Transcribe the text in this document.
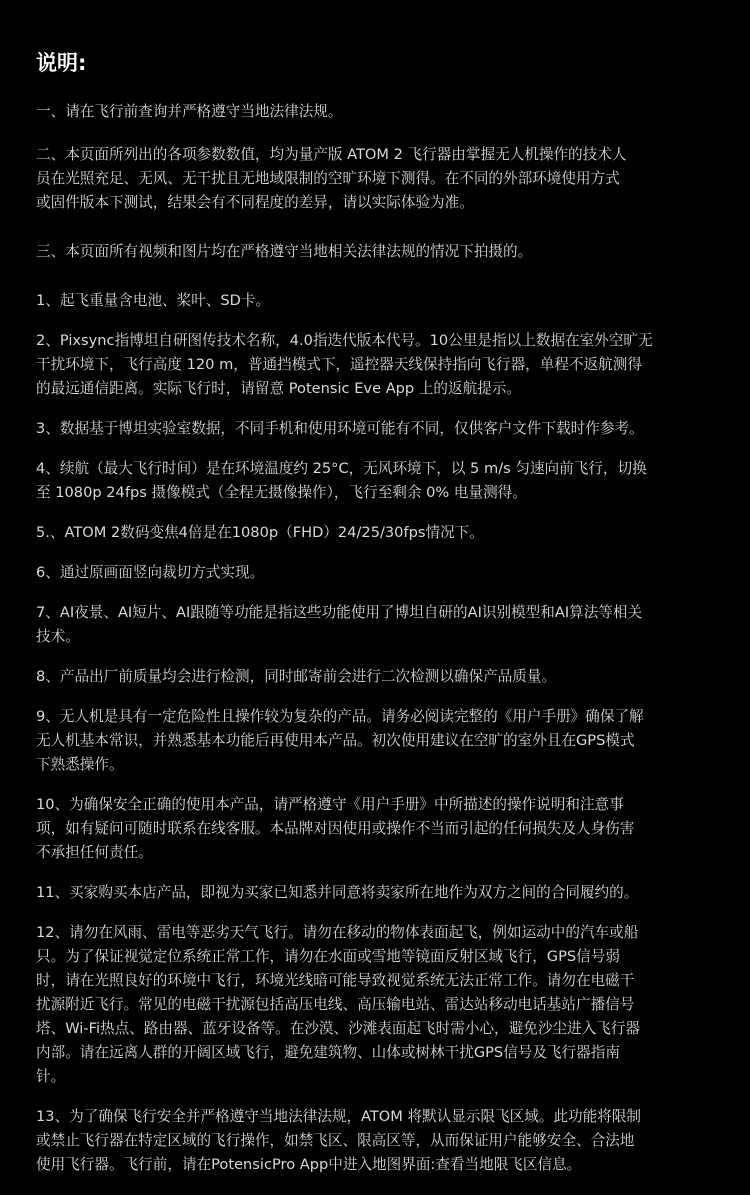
说明:

一、请在飞行前查询并严格遵守当地法律法规。

二、本页面所列出的各项参数数值，均为量产版 ATOM 2 飞行器由掌握无人机操作的技术人
员在光照充足、无风、无干扰且无地域限制的空旷环境下测得。在不同的外部环境使用方式
或固件版本下测试，结果会有不同程度的差异，请以实际体验为准。

三、本页面所有视频和图片均在严格遵守当地相关法律法规的情况下拍摄的。

1、起飞重量含电池、桨叶、SD卡。

2、Pixsync指博坦自研图传技术名称，4.0指迭代版本代号。10公里是指以上数据在室外空旷无
干扰环境下，飞行高度 120 m，普通挡模式下，遥控器天线保持指向飞行器，单程不返航测得
的最远通信距离。实际飞行时，请留意 Potensic Eve App 上的返航提示。

3、数据基于博坦实验室数据，不同手机和使用环境可能有不同，仅供客户文件下载时作参考。

4、续航（最大飞行时间）是在环境温度约 25°C，无风环境下，以 5 m/s 匀速向前飞行，切换
至 1080p 24fps 摄像模式（全程无摄像操作），飞行至剩余 0% 电量测得。

5.、ATOM 2数码变焦4倍是在1080p（FHD）24/25/30fps情况下。

6、通过原画面竖向裁切方式实现。

7、AI夜景、AI短片、AI跟随等功能是指这些功能使用了博坦自研的AI识别模型和AI算法等相关
技术。

8、产品出厂前质量均会进行检测，同时邮寄前会进行二次检测以确保产品质量。

9、无人机是具有一定危险性且操作较为复杂的产品。请务必阅读完整的《用户手册》确保了解
无人机基本常识，并熟悉基本功能后再使用本产品。初次使用建议在空旷的室外且在GPS模式
下熟悉操作。

10、为确保安全正确的使用本产品，请严格遵守《用户手册》中所描述的操作说明和注意事
项，如有疑问可随时联系在线客服。本品牌对因使用或操作不当而引起的任何损失及人身伤害
不承担任何责任。

11、买家购买本店产品，即视为买家已知悉并同意将卖家所在地作为双方之间的合同履约的。

12、请勿在风雨、雷电等恶劣天气飞行。请勿在移动的物体表面起飞，例如运动中的汽车或船
只。为了保证视觉定位系统正常工作，请勿在水面或雪地等镜面反射区域飞行，GPS信号弱
时，请在光照良好的环境中飞行，环境光线暗可能导致视觉系统无法正常工作。请勿在电磁干
扰源附近飞行。常见的电磁干扰源包括高压电线、高压输电站、雷达站移动电话基站广播信号
塔、Wi-Fi热点、路由器、蓝牙设备等。在沙漠、沙滩表面起飞时需小心，避免沙尘进入飞行器
内部。请在远离人群的开阔区域飞行，避免建筑物、山体或树林干扰GPS信号及飞行器指南
针。

13、为了确保飞行安全并严格遵守当地法律法规，ATOM 将默认显示限飞区域。此功能将限制
或禁止飞行器在特定区域的飞行操作，如禁飞区、限高区等，从而保证用户能够安全、合法地
使用飞行器。飞行前，请在PotensicPro App中进入地图界面:查看当地限飞区信息。
